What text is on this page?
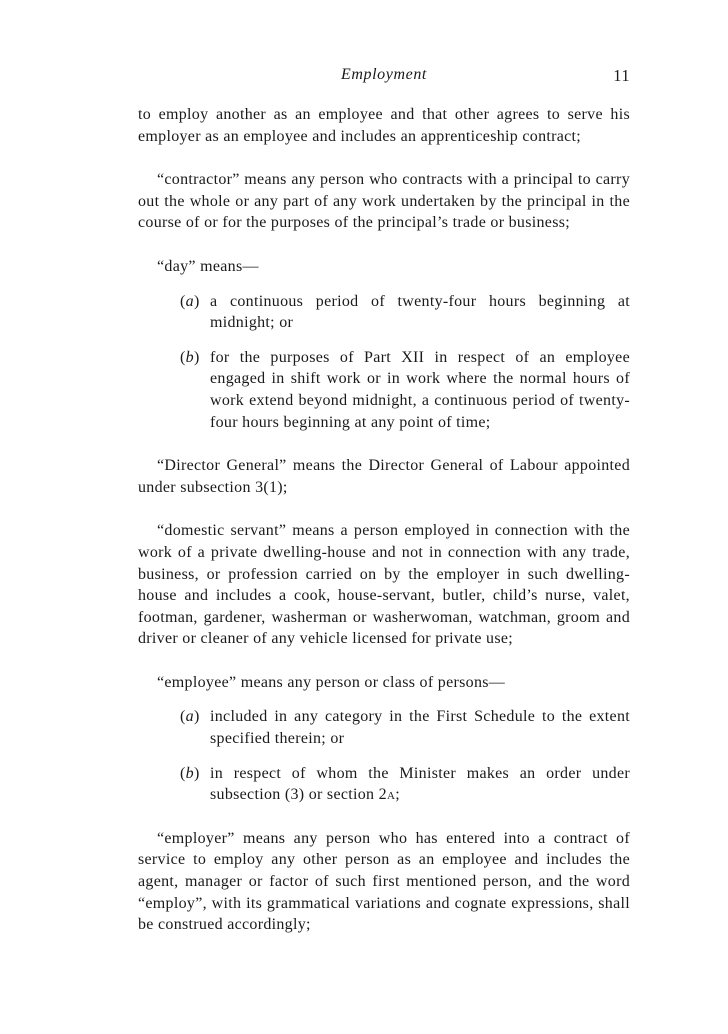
Employment	11

to employ another as an employee and that other agrees to serve his employer as an employee and includes an apprenticeship contract;

“contractor” means any person who contracts with a principal to carry out the whole or any part of any work undertaken by the principal in the course of or for the purposes of the principal’s trade or business;

“day” means—

(a) a continuous period of twenty-four hours beginning at midnight; or
(b) for the purposes of Part XII in respect of an employee engaged in shift work or in work where the normal hours of work extend beyond midnight, a continuous period of twenty-four hours beginning at any point of time;

“Director General” means the Director General of Labour appointed under subsection 3(1);

“domestic servant” means a person employed in connection with the work of a private dwelling-house and not in connection with any trade, business, or profession carried on by the employer in such dwelling-house and includes a cook, house-servant, butler, child’s nurse, valet, footman, gardener, washerman or washerwoman, watchman, groom and driver or cleaner of any vehicle licensed for private use;

“employee” means any person or class of persons—

(a) included in any category in the First Schedule to the extent specified therein; or
(b) in respect of whom the Minister makes an order under subsection (3) or section 2a;

“employer” means any person who has entered into a contract of service to employ any other person as an employee and includes the agent, manager or factor of such first mentioned person, and the word “employ”, with its grammatical variations and cognate expressions, shall be construed accordingly;
